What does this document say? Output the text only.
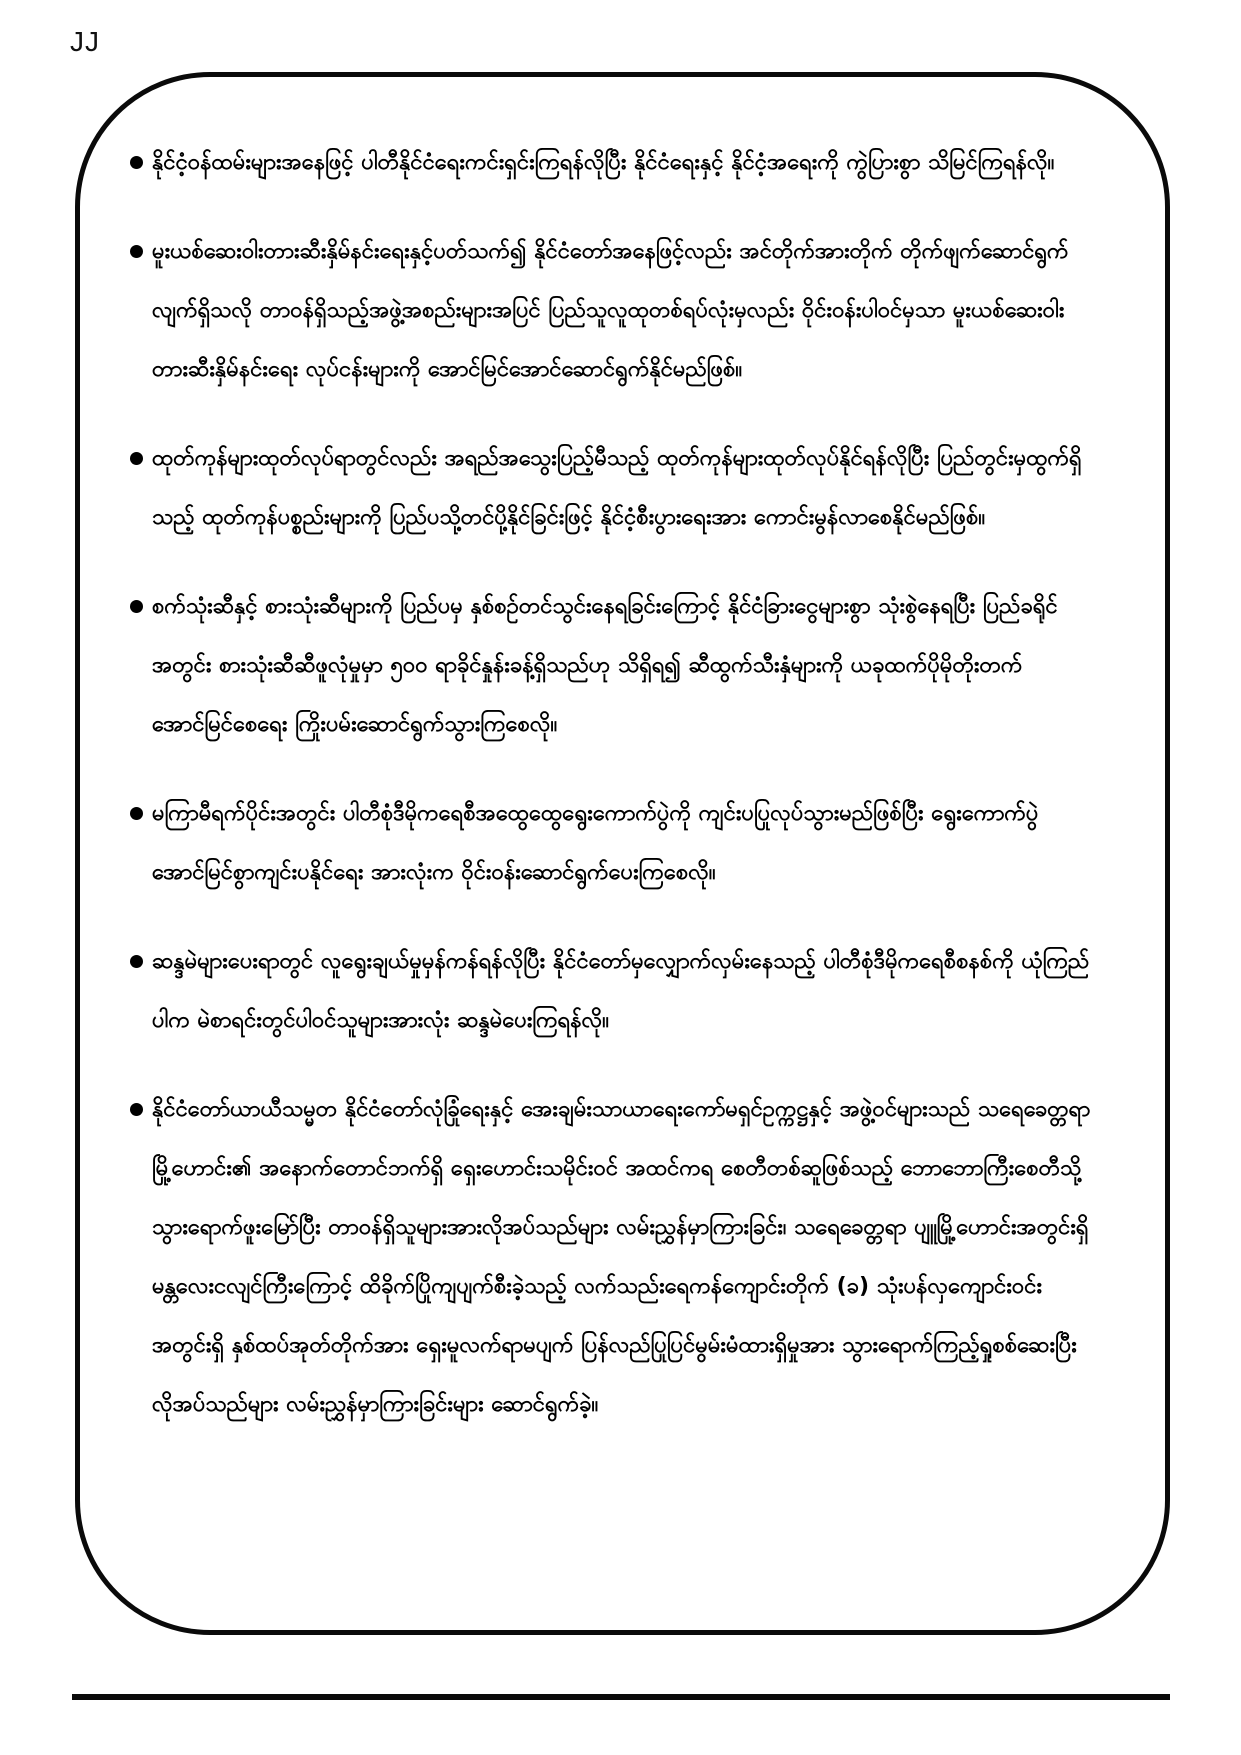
JJ
နိုင်ငံ့ဝန်ထမ်းများအနေဖြင့် ပါတီနိုင်ငံရေးကင်းရှင်းကြရန်လိုပြီး နိုင်ငံရေးနှင့် နိုင်ငံ့အရေးကို ကွဲပြားစွာ သိမြင်ကြရန်လို။
မူးယစ်ဆေးဝါးတားဆီးနှိမ်နင်းရေးနှင့်ပတ်သက်၍ နိုင်ငံတော်အနေဖြင့်လည်း အင်တိုက်အားတိုက် တိုက်ဖျက်ဆောင်ရွက်လျက်ရှိသလို တာဝန်ရှိသည့်အဖွဲ့အစည်းများအပြင် ပြည်သူလူထုတစ်ရပ်လုံးမှလည်း ဝိုင်းဝန်းပါဝင်မှသာ မူးယစ်ဆေးဝါးတားဆီးနှိမ်နင်းရေး လုပ်ငန်းများကို အောင်မြင်အောင်ဆောင်ရွက်နိုင်မည်ဖြစ်။
ထုတ်ကုန်များထုတ်လုပ်ရာတွင်လည်း အရည်အသွေးပြည့်မီသည့် ထုတ်ကုန်များထုတ်လုပ်နိုင်ရန်လိုပြီး ပြည်တွင်းမှထွက်ရှိသည့် ထုတ်ကုန်ပစ္စည်းများကို ပြည်ပသို့တင်ပို့နိုင်ခြင်းဖြင့် နိုင်ငံ့စီးပွားရေးအား ကောင်းမွန်လာစေနိုင်မည်ဖြစ်။
စက်သုံးဆီနှင့် စားသုံးဆီများကို ပြည်ပမှ နှစ်စဉ်တင်သွင်းနေရခြင်းကြောင့် နိုင်ငံခြားငွေများစွာ သုံးစွဲနေရပြီး ပြည်ခရိုင်အတွင်း စားသုံးဆီဆီဖူလုံမှုမှာ ၅၀၀ ရာခိုင်နှုန်းခန့်ရှိသည်ဟု သိရှိရ၍ ဆီထွက်သီးနှံများကို ယခုထက်ပိုမိုတိုးတက်အောင်မြင်စေရေး ကြိုးပမ်းဆောင်ရွက်သွားကြစေလို။
မကြာမီရက်ပိုင်းအတွင်း ပါတီစုံဒီမိုကရေစီအထွေထွေရွေးကောက်ပွဲကို ကျင်းပပြုလုပ်သွားမည်ဖြစ်ပြီး ရွေးကောက်ပွဲအောင်မြင်စွာကျင်းပနိုင်ရေး အားလုံးက ဝိုင်းဝန်းဆောင်ရွက်ပေးကြစေလို။
ဆန္ဒမဲများပေးရာတွင် လူရွေးချယ်မှုမှန်ကန်ရန်လိုပြီး နိုင်ငံတော်မှလျှောက်လှမ်းနေသည့် ပါတီစုံဒီမိုကရေစီစနစ်ကို ယုံကြည်ပါက မဲစာရင်းတွင်ပါဝင်သူများအားလုံး ဆန္ဒမဲပေးကြရန်လို။
နိုင်ငံတော်ယာယီသမ္မတ နိုင်ငံတော်လုံခြုံရေးနှင့် အေးချမ်းသာယာရေးကော်မရှင်ဥက္ကဋ္ဌနှင့် အဖွဲ့ဝင်များသည် သရေခေတ္တရာမြို့ဟောင်း၏ အနောက်တောင်ဘက်ရှိ ရှေးဟောင်းသမိုင်းဝင် အထင်ကရ စေတီတစ်ဆူဖြစ်သည့် ဘောဘောကြီးစေတီသို့သွားရောက်ဖူးမြော်ပြီး တာဝန်ရှိသူများအားလိုအပ်သည်များ လမ်းညွှန်မှာကြားခြင်း၊ သရေခေတ္တရာ ပျူမြို့ဟောင်းအတွင်းရှိ မန္တလေးငလျင်ကြီးကြောင့် ထိခိုက်ပြိုကျပျက်စီးခဲ့သည့် လက်သည်းရေကန်ကျောင်းတိုက် (ခ) သုံးပန်လှကျောင်းဝင်းအတွင်းရှိ နှစ်ထပ်အုတ်တိုက်အား ရှေးမူလက်ရာမပျက် ပြန်လည်ပြုပြင်မွမ်းမံထားရှိမှုအား သွားရောက်ကြည့်ရှုစစ်ဆေးပြီး လိုအပ်သည်များ လမ်းညွှန်မှာကြားခြင်းများ ဆောင်ရွက်ခဲ့။
